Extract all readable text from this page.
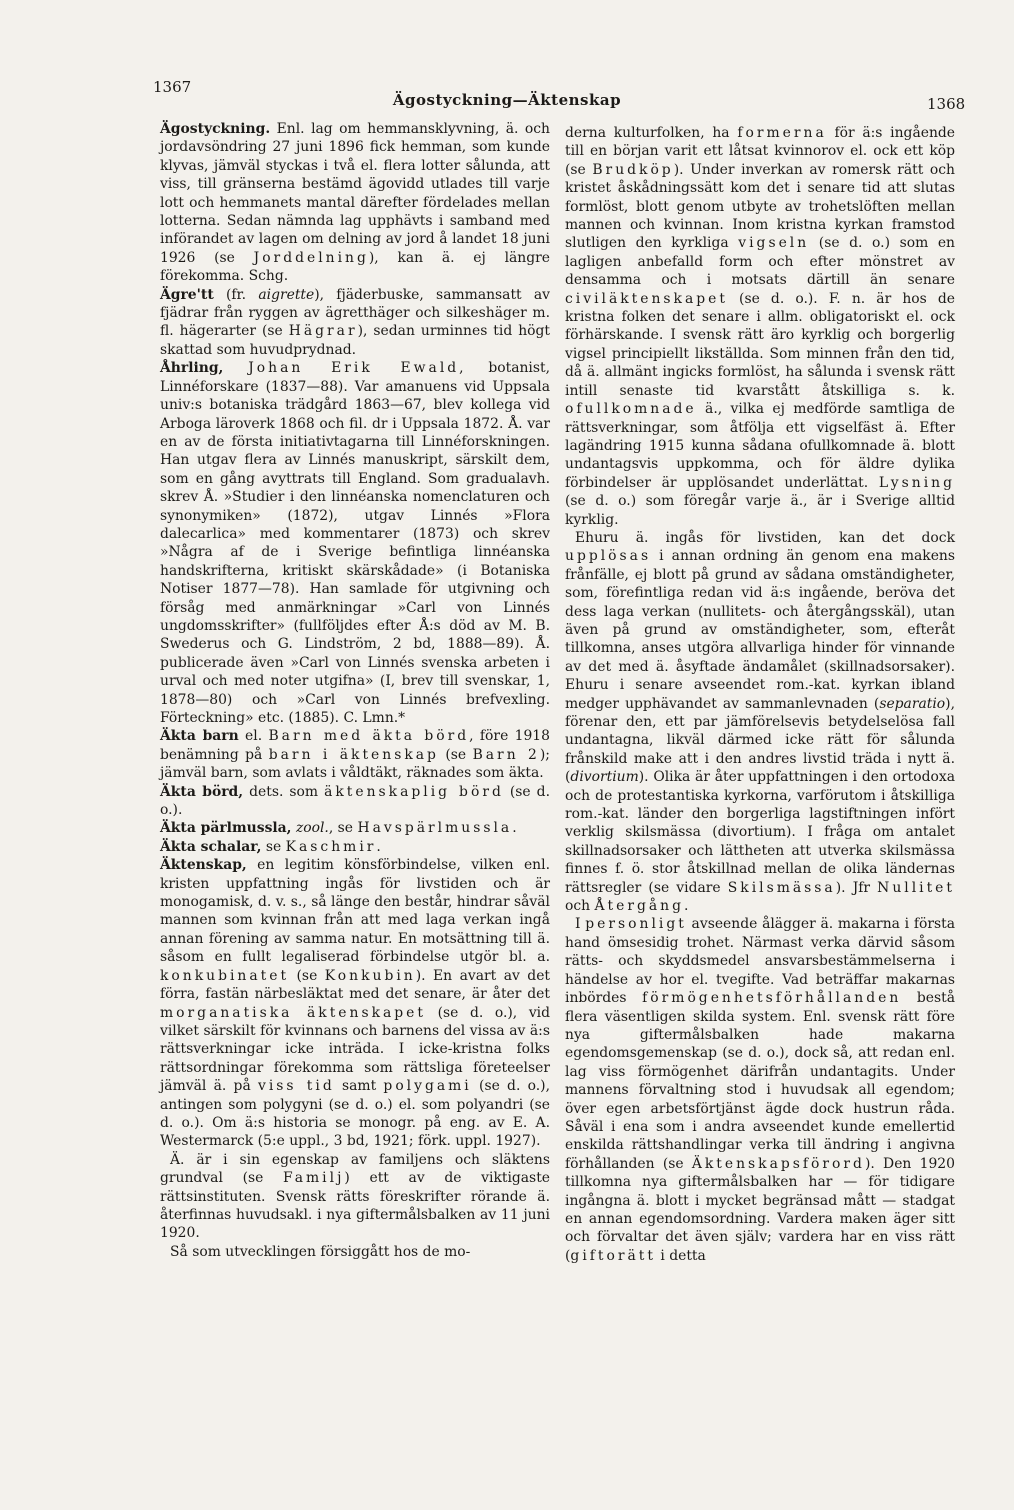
1367
Ägostyckning—Äktenskap	1368

Ägostyckning. Enl. lag om hemmansklyvning, ä. och jordavsöndring 27 juni 1896 fick hemman, som kunde klyvas, jämväl styckas i två el. flera lotter sålunda, att viss, till gränserna bestämd ägovidd utlades till varje lott och hemmanets mantal därefter fördelades mellan lotterna. Sedan nämnda lag upphävts i samband med införandet av lagen om delning av jord å landet 18 juni 1926 (se Jorddelning), kan ä. ej längre förekomma. Schg.

Ägre'tt (fr. aigrette), fjäderbuske, sammansatt av fjädrar från ryggen av ägretthäger och silkeshäger m. fl. hägerarter (se Hägrar), sedan urminnes tid högt skattad som huvudprydnad.

Åhrling, Johan Erik Ewald, botanist, Linnéforskare (1837—88). Var amanuens vid Uppsala univ:s botaniska trädgård 1863—67, blev kollega vid Arboga läroverk 1868 och fil. dr i Uppsala 1872. Å. var en av de första initiativtagarna till Linnéforskningen. Han utgav flera av Linnés manuskript, särskilt dem, som en gång avyttrats till England. Som gradualavh. skrev Å. »Studier i den linnéanska nomenclaturen och synonymiken» (1872), utgav Linnés »Flora dalecarlica» med kommentarer (1873) och skrev »Några af de i Sverige befintliga linnéanska handskrifterna, kritiskt skärskådade» (i Botaniska Notiser 1877—78). Han samlade för utgivning och försåg med anmärkningar »Carl von Linnés ungdomsskrifter» (fullföljdes efter Å:s död av M. B. Swederus och G. Lindström, 2 bd, 1888—89). Å. publicerade även »Carl von Linnés svenska arbeten i urval och med noter utgifna» (I, brev till svenskar, 1, 1878—80) och »Carl von Linnés brefvexling. Förteckning» etc. (1885). C. Lmn.*

Äkta barn el. Barn med äkta börd, före 1918 benämning på barn i äktenskap (se Barn 2); jämväl barn, som avlats i våldtäkt, räknades som äkta.

Äkta börd, dets. som äktenskaplig börd (se d. o.).

Äkta pärlmussla, zool., se Havspärlmussla.

Äkta schalar, se Kaschmir.

Äktenskap, en legitim könsförbindelse, vilken enl. kristen uppfattning ingås för livstiden och är monogamisk, d. v. s., så länge den består, hindrar såväl mannen som kvinnan från att med laga verkan ingå annan förening av samma natur. En motsättning till ä. såsom en fullt legaliserad förbindelse utgör bl. a. konkubinatet (se Konkubin). En avart av det förra, fastän närbesläktat med det senare, är åter det morganatiska äktenskapet (se d. o.), vid vilket särskilt för kvinnans och barnens del vissa av ä:s rättsverkningar icke inträda. I icke-kristna folks rättsordningar förekomma som rättsliga företeelser jämväl ä. på viss tid samt polygami (se d. o.), antingen som polygyni (se d. o.) el. som polyandri (se d. o.). Om ä:s historia se monogr. på eng. av E. A. Westermarck (5:e uppl., 3 bd, 1921; förk. uppl. 1927).

Ä. är i sin egenskap av familjens och släktens grundval (se Familj) ett av de viktigaste rättsinstituten. Svensk rätts föreskrifter rörande ä. återfinnas huvudsakl. i nya giftermålsbalken av 11 juni 1920.

Så som utvecklingen försiggått hos de mo-

derna kulturfolken, ha formerna för ä:s ingående till en början varit ett låtsat kvinnorov el. ock ett köp (se Brudköp). Under inverkan av romersk rätt och kristet åskådningssätt kom det i senare tid att slutas formlöst, blott genom utbyte av trohetslöften mellan mannen och kvinnan. Inom kristna kyrkan framstod slutligen den kyrkliga vigseln (se d. o.) som en lagligen anbefalld form och efter mönstret av densamma och i motsats därtill än senare civiläktenskapet (se d. o.). F. n. är hos de kristna folken det senare i allm. obligatoriskt el. ock förhärskande. I svensk rätt äro kyrklig och borgerlig vigsel principiellt likställda. Som minnen från den tid, då ä. allmänt ingicks formlöst, ha sålunda i svensk rätt intill senaste tid kvarstått åtskilliga s. k. ofullkomnade ä., vilka ej medförde samtliga de rättsverkningar, som åtfölja ett vigselfäst ä. Efter lagändring 1915 kunna sådana ofullkomnade ä. blott undantagsvis uppkomma, och för äldre dylika förbindelser är upplösandet underlättat. Lysning (se d. o.) som föregår varje ä., är i Sverige alltid kyrklig.

Ehuru ä. ingås för livstiden, kan det dock upplösas i annan ordning än genom ena makens frånfälle, ej blott på grund av sådana omständigheter, som, förefintliga redan vid ä:s ingående, beröva det dess laga verkan (nullitets- och återgångsskäl), utan även på grund av omständigheter, som, efteråt tillkomna, anses utgöra allvarliga hinder för vinnande av det med ä. åsyftade ändamålet (skillnadsorsaker). Ehuru i senare avseendet rom.-kat. kyrkan ibland medger upphävandet av sammanlevnaden (separatio), förenar den, ett par jämförelsevis betydelselösa fall undantagna, likväl därmed icke rätt för sålunda frånskild make att i den andres livstid träda i nytt ä. (divortium). Olika är åter uppfattningen i den ortodoxa och de protestantiska kyrkorna, varförutom i åtskilliga rom.-kat. länder den borgerliga lagstiftningen infört verklig skilsmässa (divortium). I fråga om antalet skillnadsorsaker och lättheten att utverka skilsmässa finnes f. ö. stor åtskillnad mellan de olika ländernas rättsregler (se vidare Skilsmässa). Jfr Nullitet och Återgång.

I personligt avseende ålägger ä. makarna i första hand ömsesidig trohet. Närmast verka därvid såsom rätts- och skyddsmedel ansvarsbestämmelserna i händelse av hor el. tvegifte. Vad beträffar makarnas inbördes förmögenhetsförhållanden bestå flera väsentligen skilda system. Enl. svensk rätt före nya giftermålsbalken hade makarna egendomsgemenskap (se d. o.), dock så, att redan enl. lag viss förmögenhet därifrån undantagits. Under mannens förvaltning stod i huvudsak all egendom; över egen arbetsförtjänst ägde dock hustrun råda. Såväl i ena som i andra avseendet kunde emellertid enskilda rättshandlingar verka till ändring i angivna förhållanden (se Äktenskapsförord). Den 1920 tillkomna nya giftermålsbalken har — för tidigare ingångna ä. blott i mycket begränsad mått — stadgat en annan egendomsordning. Vardera maken äger sitt och förvaltar det även själv; vardera har en viss rätt (giftorätt i detta
